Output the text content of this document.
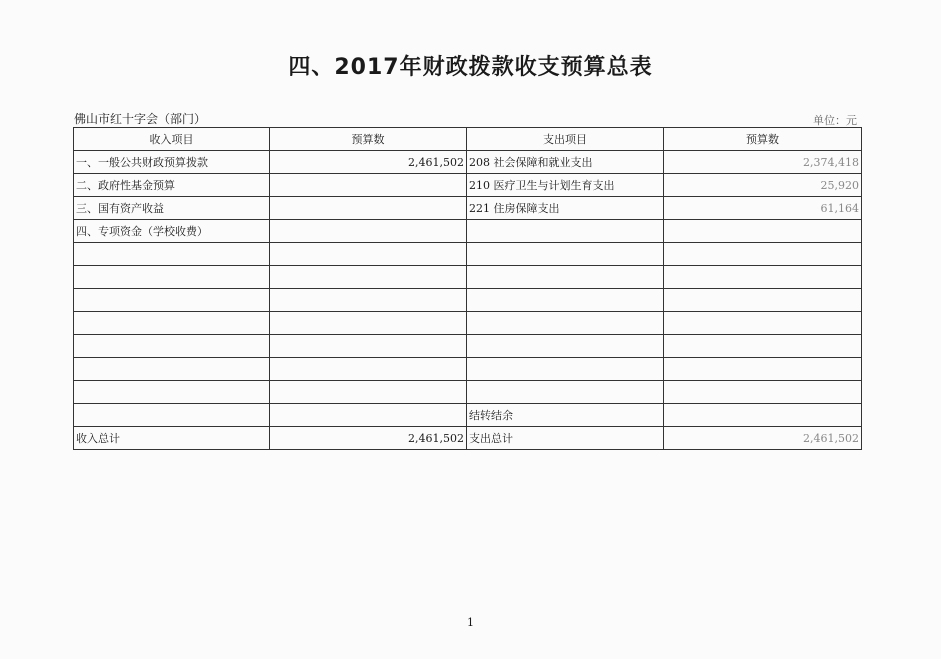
四、2017年财政拨款收支预算总表
佛山市红十字会（部门）	单位：元
收入项目	预算数	支出项目	预算数
一、一般公共财政预算拨款	2,461,502	208 社会保障和就业支出	2,374,418
二、政府性基金预算		210 医疗卫生与计划生育支出	25,920
三、国有资产收益		221 住房保障支出	61,164
四、专项资金（学校收费）			

		结转结余	
收入总计	2,461,502	支出总计	2,461,502
1
